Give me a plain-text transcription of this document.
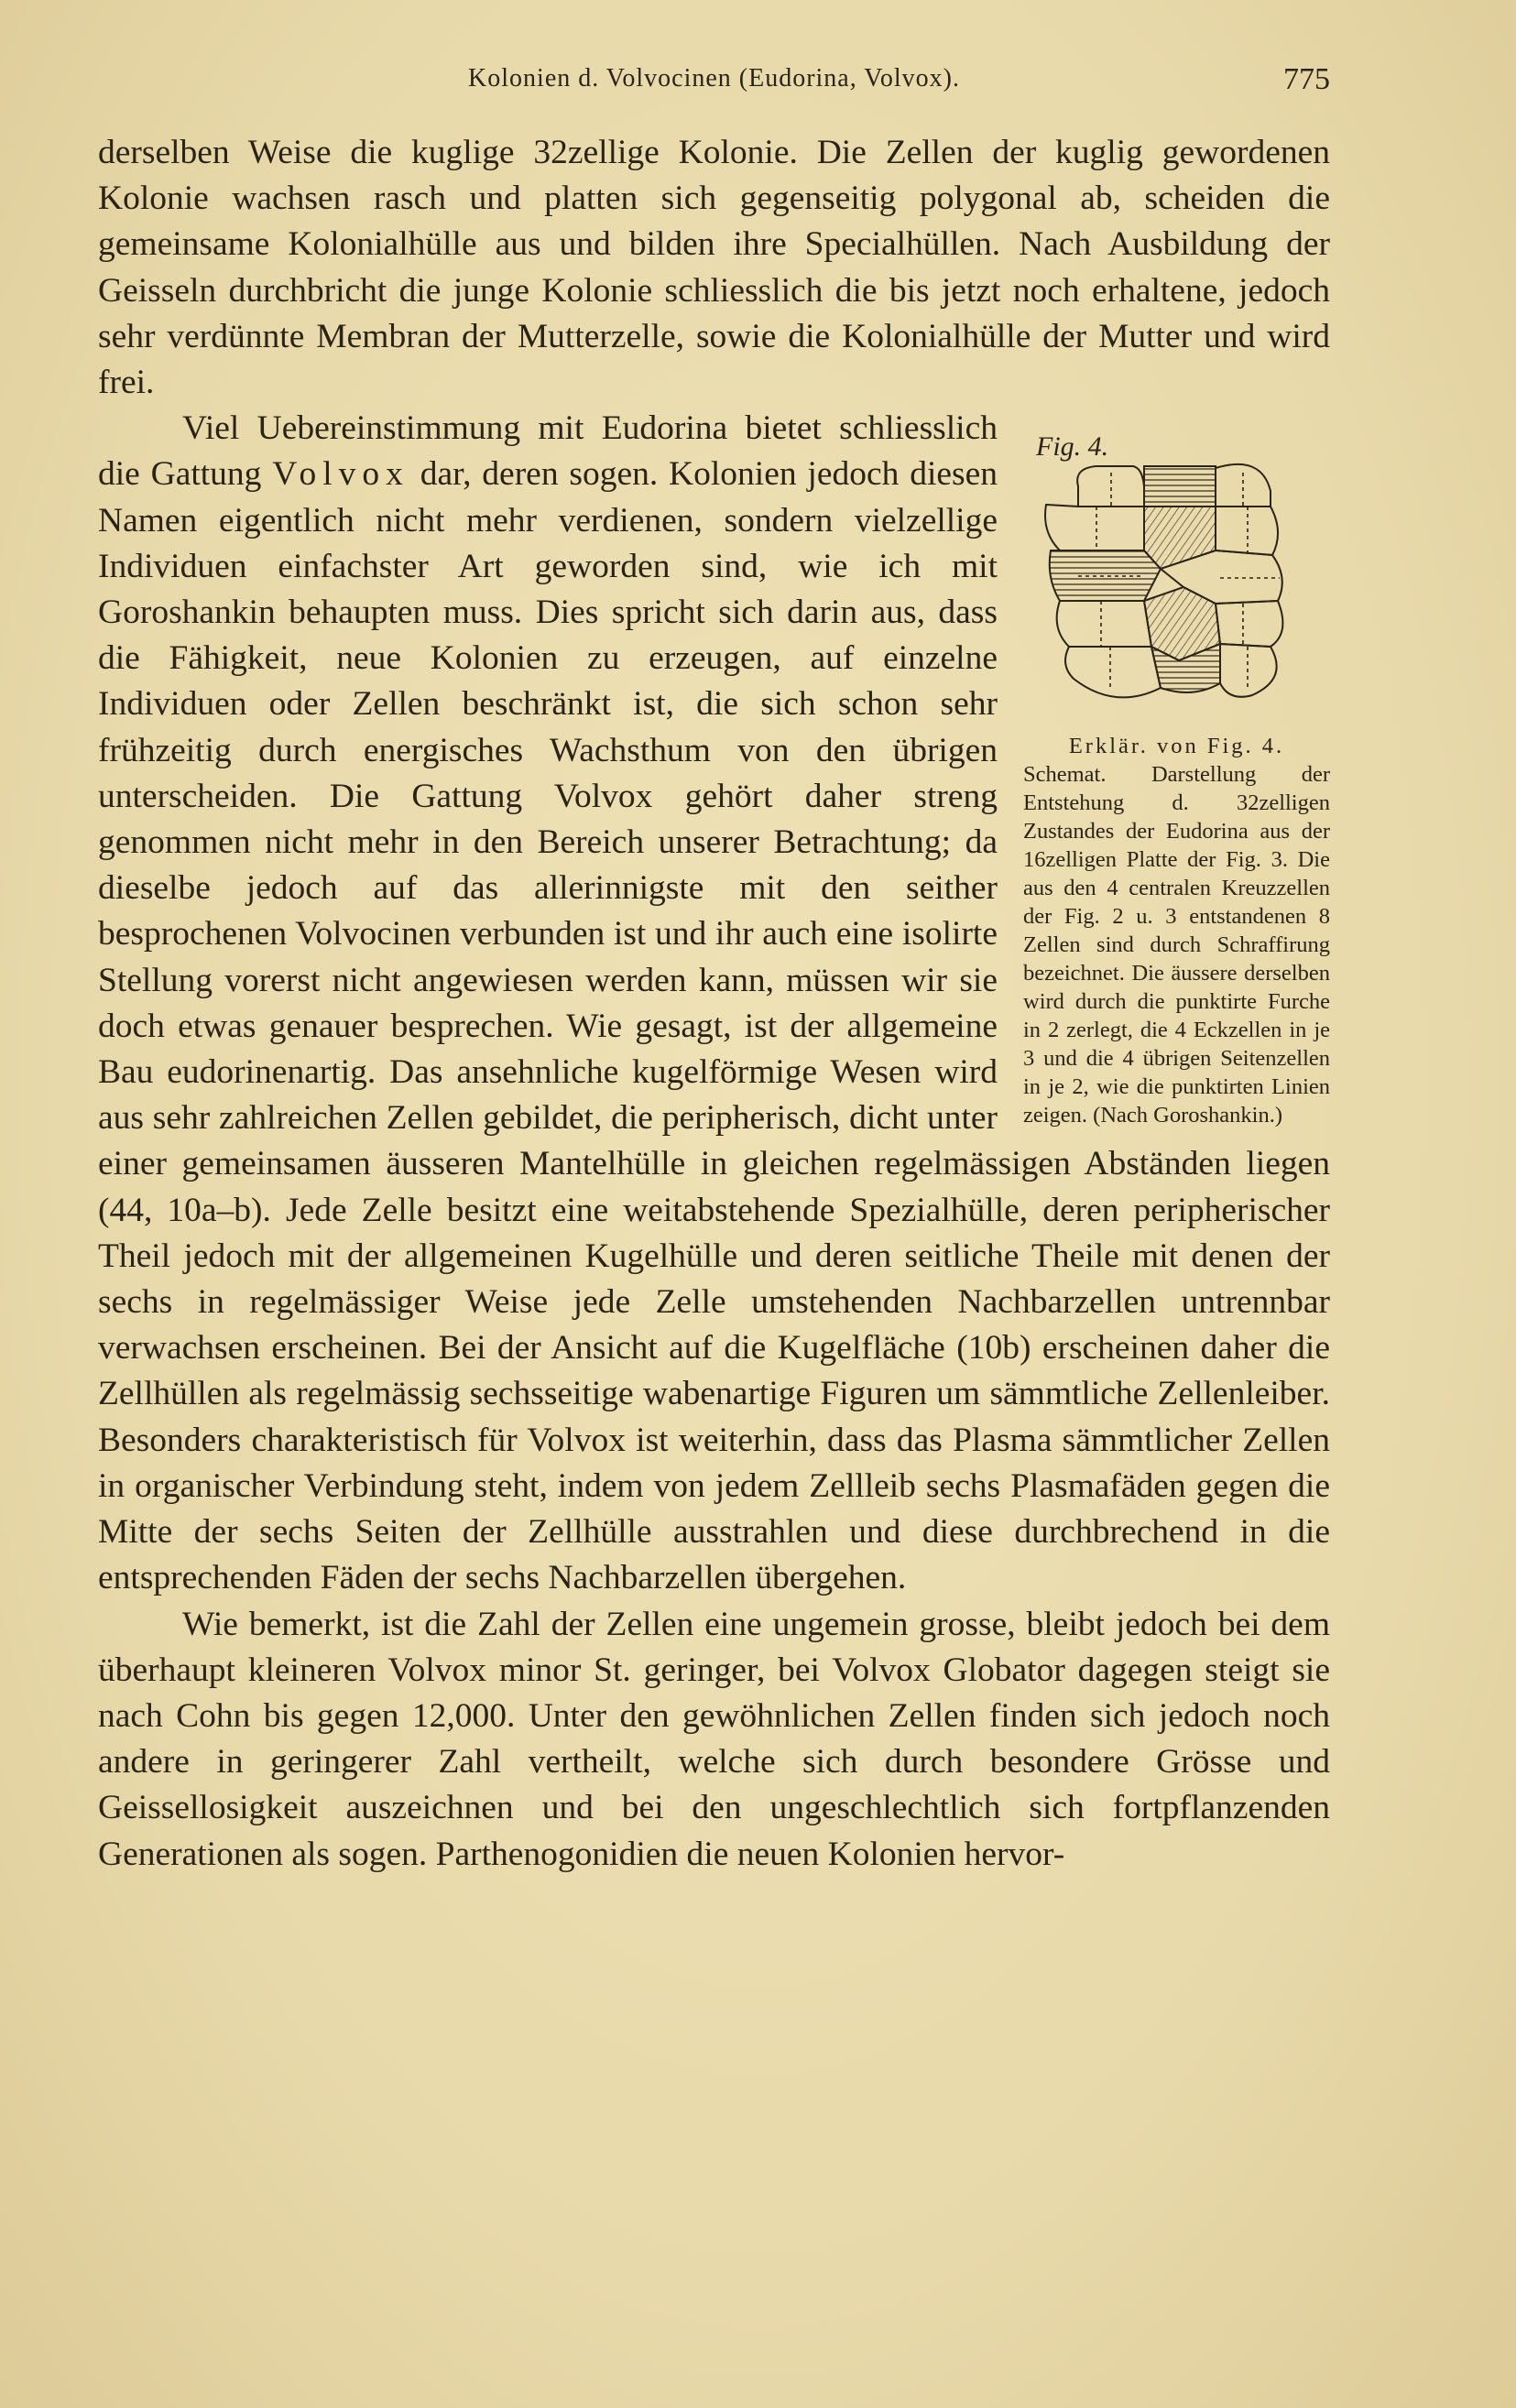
Kolonien d. Volvocinen (Eudorina, Volvox).	775

derselben Weise die kuglige 32zellige Kolonie. Die Zellen der kuglig gewordenen Kolonie wachsen rasch und platten sich gegenseitig polygonal ab, scheiden die gemeinsame Kolonialhülle aus und bilden ihre Specialhüllen. Nach Ausbildung der Geisseln durchbricht die junge Kolonie schliesslich die bis jetzt noch erhaltene, jedoch sehr verdünnte Membran der Mutterzelle, sowie die Kolonialhülle der Mutter und wird frei.

Fig. 4.
Erklär. von Fig. 4.
Schemat. Darstellung der Entstehung d. 32zelligen Zustandes der Eudorina aus der 16zelligen Platte der Fig. 3. Die aus den 4 centralen Kreuzzellen der Fig. 2 u. 3 entstandenen 8 Zellen sind durch Schraffirung bezeichnet. Die äussere derselben wird durch die punktirte Furche in 2 zerlegt, die 4 Eckzellen in je 3 und die 4 übrigen Seitenzellen in je 2, wie die punktirten Linien zeigen. (Nach Goroshankin.)

Viel Uebereinstimmung mit Eudorina bietet schliesslich die Gattung Volvox dar, deren sogen. Kolonien jedoch diesen Namen eigentlich nicht mehr verdienen, sondern vielzellige Individuen einfachster Art geworden sind, wie ich mit Goroshankin behaupten muss. Dies spricht sich darin aus, dass die Fähigkeit, neue Kolonien zu erzeugen, auf einzelne Individuen oder Zellen beschränkt ist, die sich schon sehr frühzeitig durch energisches Wachsthum von den übrigen unterscheiden. Die Gattung Volvox gehört daher streng genommen nicht mehr in den Bereich unserer Betrachtung; da dieselbe jedoch auf das allerinnigste mit den seither besprochenen Volvocinen verbunden ist und ihr auch eine isolirte Stellung vorerst nicht angewiesen werden kann, müssen wir sie doch etwas genauer besprechen. Wie gesagt, ist der allgemeine Bau eudorinenartig. Das ansehnliche kugelförmige Wesen wird aus sehr zahlreichen Zellen gebildet, die peripherisch, dicht unter einer gemeinsamen äusseren Mantelhülle in gleichen regelmässigen Abständen liegen (44, 10a–b). Jede Zelle besitzt eine weitabstehende Spezialhülle, deren peripherischer Theil jedoch mit der allgemeinen Kugelhülle und deren seitliche Theile mit denen der sechs in regelmässiger Weise jede Zelle umstehenden Nachbarzellen untrennbar verwachsen erscheinen. Bei der Ansicht auf die Kugelfläche (10b) erscheinen daher die Zellhüllen als regelmässig sechsseitige wabenartige Figuren um sämmtliche Zellenleiber. Besonders charakteristisch für Volvox ist weiterhin, dass das Plasma sämmtlicher Zellen in organischer Verbindung steht, indem von jedem Zellleib sechs Plasmafäden gegen die Mitte der sechs Seiten der Zellhülle ausstrahlen und diese durchbrechend in die entsprechenden Fäden der sechs Nachbarzellen übergehen.

Wie bemerkt, ist die Zahl der Zellen eine ungemein grosse, bleibt jedoch bei dem überhaupt kleineren Volvox minor St. geringer, bei Volvox Globator dagegen steigt sie nach Cohn bis gegen 12,000. Unter den gewöhnlichen Zellen finden sich jedoch noch andere in geringerer Zahl vertheilt, welche sich durch besondere Grösse und Geissellosigkeit auszeichnen und bei den ungeschlechtlich sich fortpflanzenden Generationen als sogen. Parthenogonidien die neuen Kolonien hervor-
